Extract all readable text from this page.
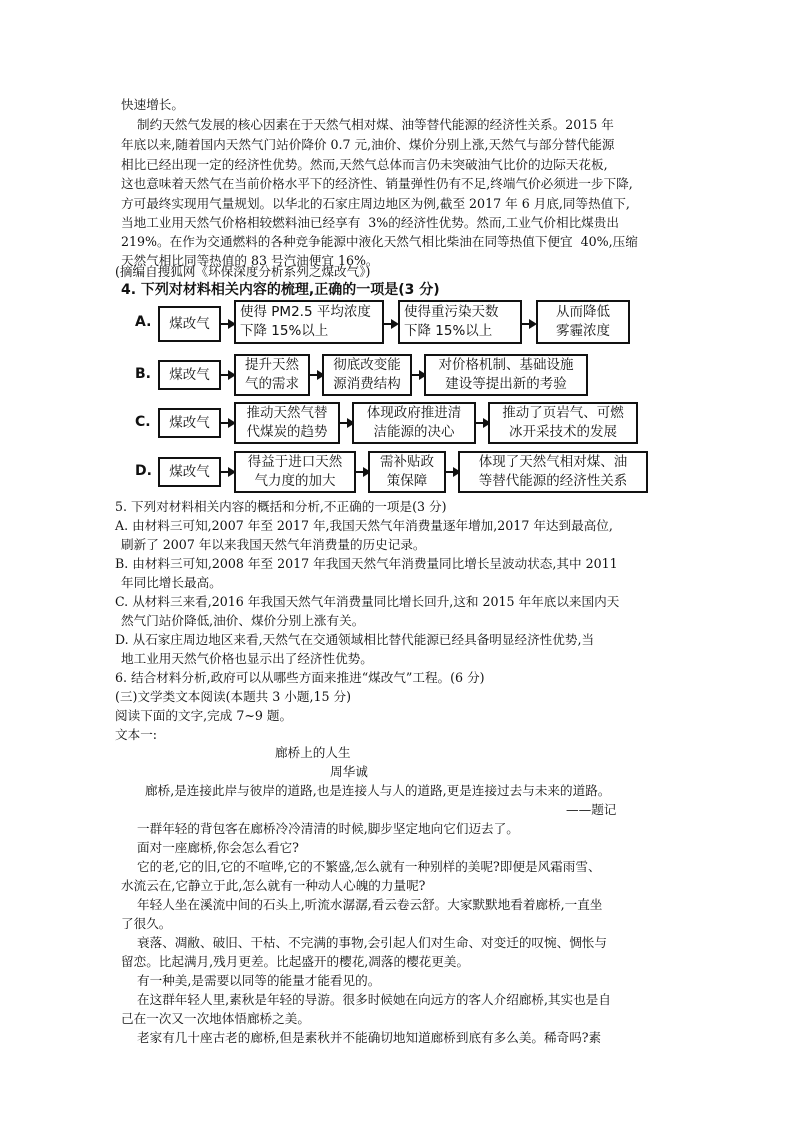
快速增长。
制约天然气发展的核心因素在于天然气相对煤、油等替代能源的经济性关系。2015 年
年底以来,随着国内天然气门站价降价 0.7 元,油价、煤价分别上涨,天然气与部分替代能源
相比已经出现一定的经济性优势。然而,天然气总体而言仍未突破油气比价的边际天花板,
这也意味着天然气在当前价格水平下的经济性、销量弹性仍有不足,终端气价必须进一步下降,
方可最终实现用气量规划。以华北的石家庄周边地区为例,截至 2017 年 6 月底,同等热值下,
当地工业用天然气价格相较燃料油已经享有  3%的经济性优势。然而,工业气价相比煤贵出
219%。在作为交通燃料的各种竞争能源中液化天然气相比柴油在同等热值下便宜  40%,压缩
天然气相比同等热值的 83 号汽油便宜 16%。
(摘编自搜狐网《环保深度分析系列之煤改气》)
4. 下列对材料相关内容的梳理,正确的一项是(3 分)
A. 煤改气
使得 PM2.5 平均浓度
下降 15%以上
使得重污染天数
下降 15%以上
从而降低
雾霾浓度
B. 煤改气
提升天然
气的需求
彻底改变能
源消费结构
对价格机制、基础设施
建设等提出新的考验
C. 煤改气
推动天然气替
代煤炭的趋势
体现政府推进清
洁能源的决心
推动了页岩气、可燃
冰开采技术的发展
D. 煤改气
得益于进口天然
气力度的加大
需补贴政
策保障
体现了天然气相对煤、油
等替代能源的经济性关系
5. 下列对材料相关内容的概括和分析,不正确的一项是(3 分)
A. 由材料三可知,2007 年至 2017 年,我国天然气年消费量逐年增加,2017 年达到最高位,
刷新了 2007 年以来我国天然气年消费量的历史记录。
B. 由材料三可知,2008 年至 2017 年我国天然气年消费量同比增长呈波动状态,其中 2011
年同比增长最高。
C. 从材料三来看,2016 年我国天然气年消费量同比增长回升,这和 2015 年年底以来国内天
然气门站价降低,油价、煤价分别上涨有关。
D. 从石家庄周边地区来看,天然气在交通领域相比替代能源已经具备明显经济性优势,当
地工业用天然气价格也显示出了经济性优势。
6. 结合材料分析,政府可以从哪些方面来推进“煤改气”工程。(6 分)
(三)文学类文本阅读(本题共 3 小题,15 分)
阅读下面的文字,完成 7~9 题。
文本一:
廊桥上的人生
周华诚
廊桥,是连接此岸与彼岸的道路,也是连接人与人的道路,更是连接过去与未来的道路。
——题记
一群年轻的背包客在廊桥冷冷清清的时候,脚步坚定地向它们迈去了。
面对一座廊桥,你会怎么看它?
它的老,它的旧,它的不喧哗,它的不繁盛,怎么就有一种别样的美呢?即便是风霜雨雪、
水流云在,它静立于此,怎么就有一种动人心魄的力量呢?
年轻人坐在溪流中间的石头上,听流水潺潺,看云卷云舒。大家默默地看着廊桥,一直坐
了很久。
衰落、凋敝、破旧、干枯、不完满的事物,会引起人们对生命、对变迁的叹惋、惆怅与
留恋。比起满月,残月更差。比起盛开的樱花,凋落的樱花更美。
有一种美,是需要以同等的能量才能看见的。
在这群年轻人里,素秋是年轻的导游。很多时候她在向远方的客人介绍廊桥,其实也是自
己在一次又一次地体悟廊桥之美。
老家有几十座古老的廊桥,但是素秋并不能确切地知道廊桥到底有多么美。稀奇吗?素
